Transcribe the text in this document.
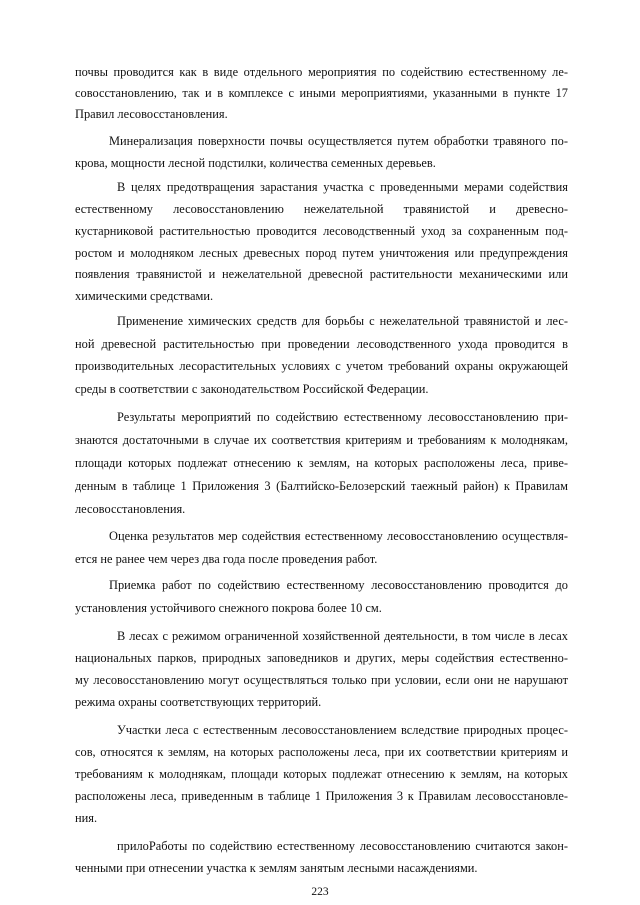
почвы проводится как в виде отдельного мероприятия по содействию естественному ле-
совосстановлению, так и в комплексе с иными мероприятиями, указанными в пункте 17
Правил лесовосстановления.
Минерализация поверхности почвы осуществляется путем обработки травяного по-
крова, мощности лесной подстилки, количества семенных деревьев.
В целях предотвращения зарастания участка с проведенными мерами содействия
естественному лесовосстановлению нежелательной травянистой и древесно-
кустарниковой растительностью проводится лесоводственный уход за сохраненным под-
ростом и молодняком лесных древесных пород путем уничтожения или предупреждения
появления травянистой и нежелательной древесной растительности механическими или
химическими средствами.
Применение химических средств для борьбы с нежелательной травянистой и лес-
ной древесной растительностью при проведении лесоводственного ухода проводится в
производительных лесорастительных условиях с учетом требований охраны окружающей
среды в соответствии с законодательством Российской Федерации.
Результаты мероприятий по содействию естественному лесовосстановлению при-
знаются достаточными в случае их соответствия критериям и требованиям к молоднякам,
площади которых подлежат отнесению к землям, на которых расположены леса, приве-
денным в таблице 1 Приложения 3 (Балтийско-Белозерский таежный район) к Правилам
лесовосстановления.
Оценка результатов мер содействия естественному лесовосстановлению осуществля-
ется не ранее чем через два года после проведения работ.
Приемка работ по содействию естественному лесовосстановлению проводится до
установления устойчивого снежного покрова более 10 см.
В лесах с режимом ограниченной хозяйственной деятельности, в том числе в лесах
национальных парков, природных заповедников и других, меры содействия естественно-
му лесовосстановлению могут осуществляться только при условии, если они не нарушают
режима охраны соответствующих территорий.
Участки леса с естественным лесовосстановлением вследствие природных процес-
сов, относятся к землям, на которых расположены леса, при их соответствии критериям и
требованиям к молоднякам, площади которых подлежат отнесению к землям, на которых
расположены леса, приведенным в таблице 1 Приложения 3 к Правилам лесовосстановле-
ния.
прилоРаботы по содействию естественному лесовосстановлению считаются закон-
ченными при отнесении участка к землям занятым лесными насаждениями.
223
